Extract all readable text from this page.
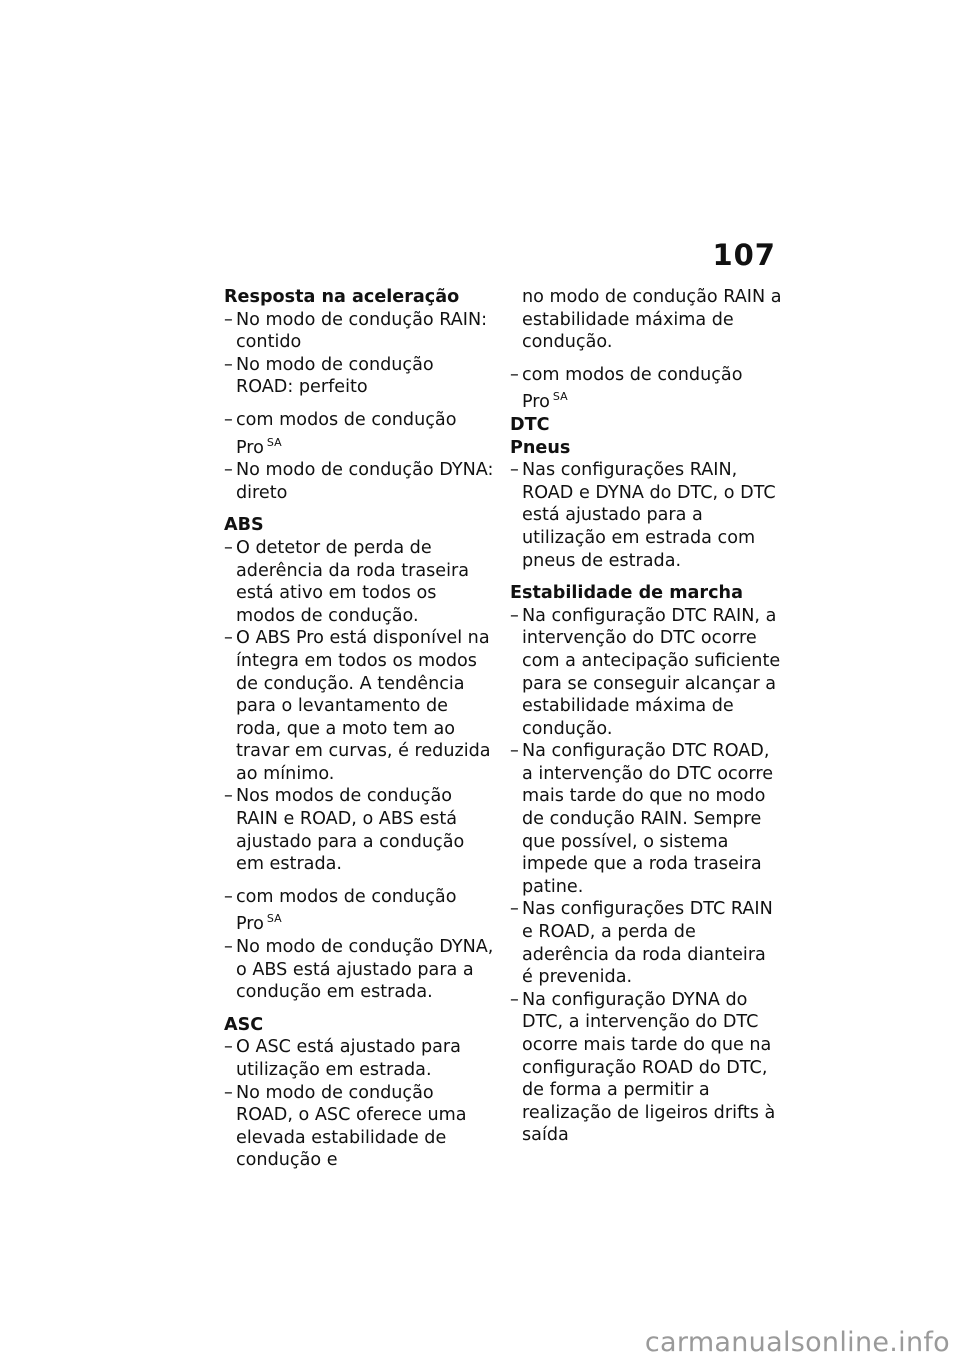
107
Resposta na aceleração
– No modo de condução RAIN: contido
– No modo de condução ROAD: perfeito
– com modos de condução Pro $^{SA}$
– No modo de condução DYNA: direto
ABS
– O detetor de perda de aderência da roda traseira está ativo em todos os modos de condução.
– O ABS Pro está disponível na íntegra em todos os modos de condução. A tendência para o levantamento de roda, que a moto tem ao travar em curvas, é reduzida ao mínimo.
– Nos modos de condução RAIN e ROAD, o ABS está ajustado para a condução em estrada.
– com modos de condução Pro $^{SA}$
– No modo de condução DYNA, o ABS está ajustado para a condução em estrada.
ASC
– O ASC está ajustado para utilização em estrada.
– No modo de condução ROAD, o ASC oferece uma elevada estabilidade de condução e
no modo de condução RAIN a estabilidade máxima de condução.
– com modos de condução Pro $^{SA}$
DTC
Pneus
– Nas configurações RAIN, ROAD e DYNA do DTC, o DTC está ajustado para a utilização em estrada com pneus de estrada.
Estabilidade de marcha
– Na configuração DTC RAIN, a intervenção do DTC ocorre com a antecipação suficiente para se conseguir alcançar a estabilidade máxima de condução.
– Na configuração DTC ROAD, a intervenção do DTC ocorre mais tarde do que no modo de condução RAIN. Sempre que possível, o sistema impede que a roda traseira patine.
– Nas configurações DTC RAIN e ROAD, a perda de aderência da roda dianteira é prevenida.
– Na configuração DYNA do DTC, a intervenção do DTC ocorre mais tarde do que na configuração ROAD do DTC, de forma a permitir a realização de ligeiros drifts à saída
carmanualsonline.info
